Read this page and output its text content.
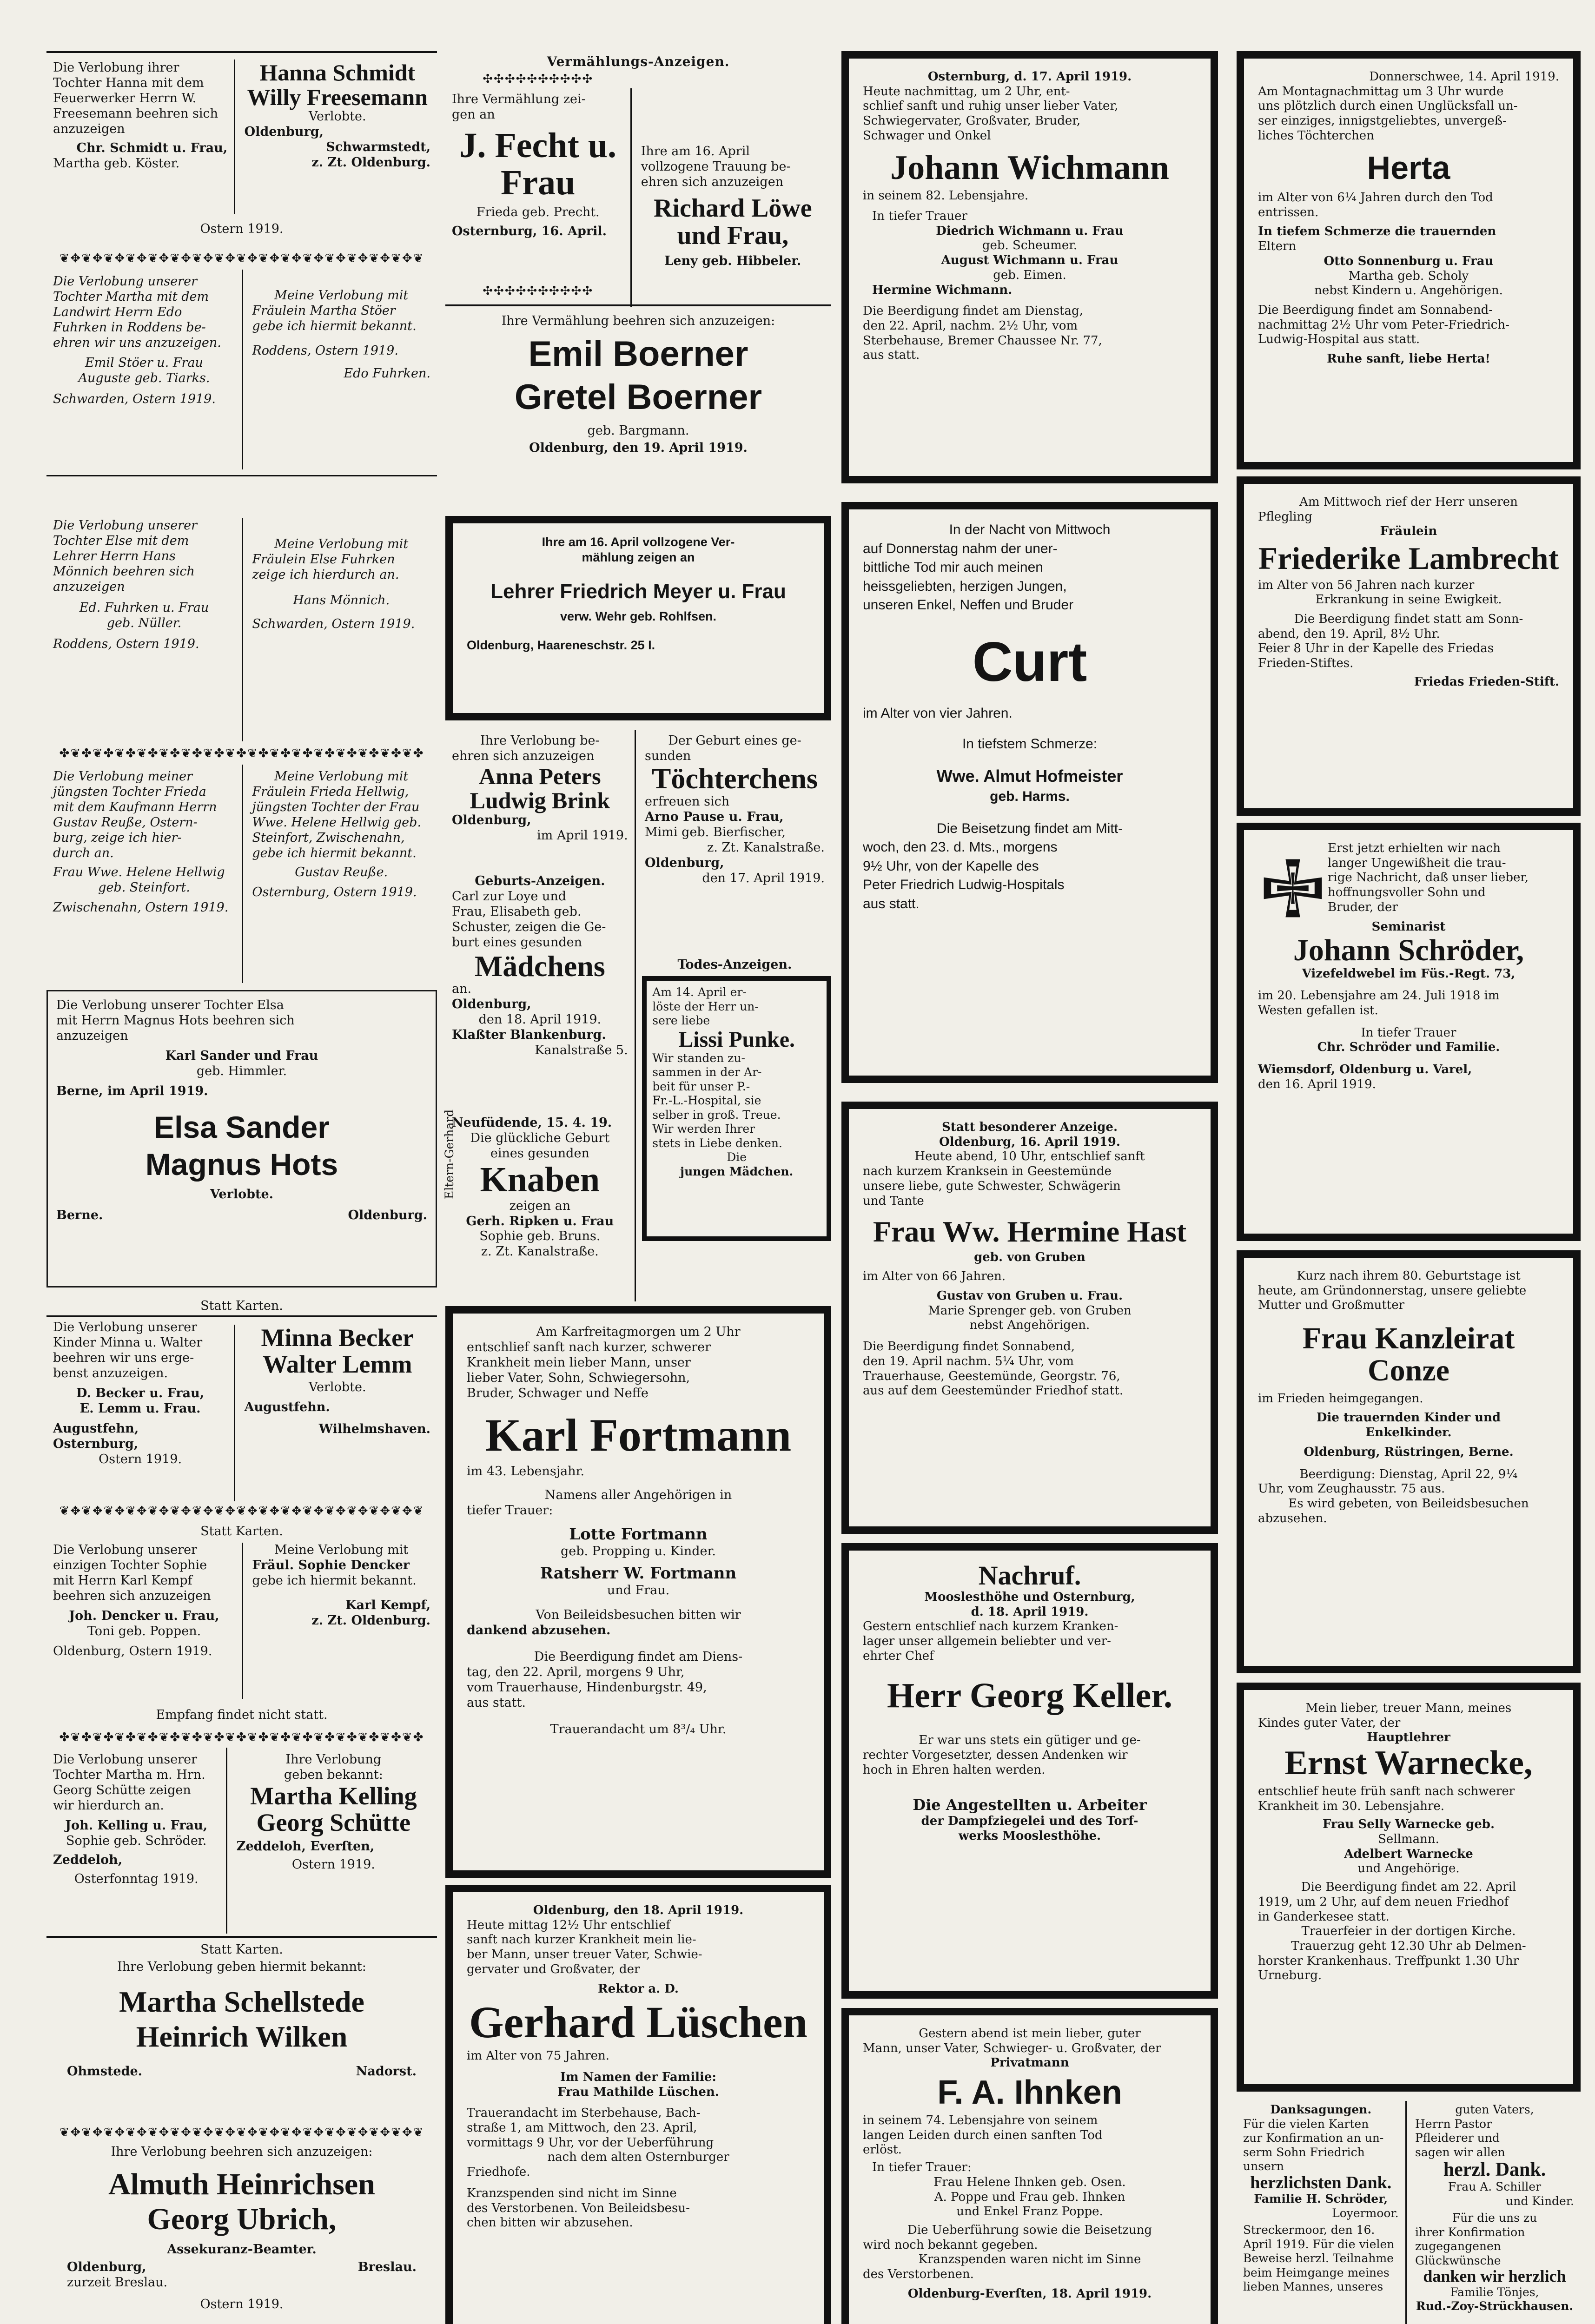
Die Verlobung ihrer

Tochter Hanna mit dem

Feuerwerker Herrn W.

Freesemann beehren sich

anzuzeigen

Chr. Schmidt u. Frau,

Martha geb. Köster.

Hanna Schmidt

Willy Freesemann

Verlobte.

Oldenburg,

Schwarmstedt,

z. Zt. Oldenburg.

Ostern 1919.

❦✥❦✥❦✥❦✥❦✥❦✥❦✥❦✥❦✥❦✥❦✥❦✥❦✥❦✥❦✥❦✥❦

Die Verlobung unserer

Tochter Martha mit dem

Landwirt Herrn Edo

Fuhrken in Roddens be-

ehren wir uns anzuzeigen.

Emil Stöer u. Frau

Auguste geb. Tiarks.

Schwarden, Ostern 1919.

Meine Verlobung mit

Fräulein Martha Stöer

gebe ich hiermit bekannt.

Roddens, Ostern 1919.

Edo Fuhrken.

Die Verlobung unserer

Tochter Else mit dem

Lehrer Herrn Hans

Mönnich beehren sich

anzuzeigen

Ed. Fuhrken u. Frau

geb. Nüller.

Roddens, Ostern 1919.

Meine Verlobung mit

Fräulein Else Fuhrken

zeige ich hierdurch an.

Hans Mönnich.

Schwarden, Ostern 1919.

✤❦✤❦✤❦✤❦✤❦✤❦✤❦✤❦✤❦✤❦✤❦✤❦✤❦✤❦✤❦✤❦✤

Die Verlobung meiner

jüngsten Tochter Frieda

mit dem Kaufmann Herrn

Gustav Reuße, Ostern-

burg, zeige ich hier-

durch an.

Frau Wwe. Helene Hellwig

geb. Steinfort.

Zwischenahn, Ostern 1919.

Meine Verlobung mit

Fräulein Frieda Hellwig,

jüngsten Tochter der Frau

Wwe. Helene Hellwig geb.

Steinfort, Zwischenahn,

gebe ich hiermit bekannt.

Gustav Reuße.

Osternburg, Ostern 1919.

Die Verlobung unserer Tochter Elsa

mit Herrn Magnus Hots beehren sich

anzuzeigen

Karl Sander und Frau

geb. Himmler.

Berne, im April 1919.

Elsa Sander

Magnus Hots

Verlobte.

Berne.	Oldenburg.

Statt Karten.

Die Verlobung unserer

Kinder Minna u. Walter

beehren wir uns erge-

benst anzuzeigen.

D. Becker u. Frau,

E. Lemm u. Frau.

Augustfehn, Osternburg,

Ostern 1919.

Minna Becker

Walter Lemm

Verlobte.

Augustfehn.

Wilhelmshaven.

❦✥❦✥❦✥❦✥❦✥❦✥❦✥❦✥❦✥❦✥❦✥❦✥❦✥❦✥❦✥❦✥❦

Statt Karten.

Die Verlobung unserer

einzigen Tochter Sophie

mit Herrn Karl Kempf

beehren sich anzuzeigen

Joh. Dencker u. Frau,

Toni geb. Poppen.

Oldenburg, Ostern 1919.

Meine Verlobung mit

Fräul. Sophie Dencker

gebe ich hiermit bekannt.

Karl Kempf,

z. Zt. Oldenburg.

Empfang findet nicht statt.

✤❦✤❦✤❦✤❦✤❦✤❦✤❦✤❦✤❦✤❦✤❦✤❦✤❦✤❦✤❦✤❦✤

Die Verlobung unserer

Tochter Martha m. Hrn.

Georg Schütte zeigen

wir hierdurch an.

Joh. Kelling u. Frau,

Sophie geb. Schröder.

Zeddeloh,

Osterfonntag 1919.

Ihre Verlobung

geben bekannt:

Martha Kelling

Georg Schütte

Zeddeloh, Everſten,

Ostern 1919.

Statt Karten.

Ihre Verlobung geben hiermit bekannt:

Martha Schellstede

Heinrich Wilken

Ohmstede.	Nadorst.
❦✥❦✥❦✥❦✥❦✥❦✥❦✥❦✥❦✥❦✥❦✥❦✥❦✥❦✥❦✥❦✥❦

Ihre Verlobung beehren sich anzuzeigen:

Almuth Heinrichsen

Georg Ubrich,

Assekuranz-Beamter.

Oldenburg,	Breslau.

zurzeit Breslau.

Ostern 1919.

Vermählungs-Anzeigen.

✣✣✣✣✣✣✣✣✣✣

Ihre Vermählung zei-

gen an

J. Fecht u. Frau

Frieda geb. Precht.

Osternburg, 16. April.

✣✣✣✣✣✣✣✣✣✣

Ihre am 16. April

vollzogene Trauung be-

ehren sich anzuzeigen

Richard Löwe

und Frau,

Leny geb. Hibbeler.

Ihre Vermählung beehren sich anzuzeigen:

Emil Boerner

Gretel Boerner

geb. Bargmann.

Oldenburg, den 19. April 1919.

Ihre am 16. April vollzogene Ver-

mählung zeigen an

Lehrer Friedrich Meyer u. Frau

verw. Wehr geb. Rohlfsen.

Oldenburg, Haareneschstr. 25 I.

Ihre Verlobung be-

ehren sich anzuzeigen

Anna Peters

Ludwig Brink

Oldenburg,

im April 1919.

Geburts-Anzeigen.

Carl zur Loye und

Frau, Elisabeth geb.

Schuster, zeigen die Ge-

burt eines gesunden

Mädchens

an.

Oldenburg,

den 18. April 1919.

Klaßter Blankenburg.

Kanalstraße 5.

Neufüdende, 15. 4. 19.

Die glückliche Geburt

eines gesunden

Knaben

zeigen an

Gerh. Ripken u. Frau

Sophie geb. Bruns.

z. Zt. Kanalstraße.

Eltern-Gerhard

Der Geburt eines ge-

sunden

Töchterchens

erfreuen sich

Arno Pause u. Frau,

Mimi geb. Bierfischer,

z. Zt. Kanalstraße.

Oldenburg,

den 17. April 1919.

Todes-Anzeigen.

Am 14. April er-

löste der Herr un-

sere liebe

Lissi Punke.

Wir standen zu-

sammen in der Ar-

beit für unser P.-

Fr.-L.-Hospital, sie

selber in groß. Treue.

Wir werden Ihrer

stets in Liebe denken.

Die

jungen Mädchen.

Am Karfreitagmorgen um 2 Uhr

entschlief sanft nach kurzer, schwerer

Krankheit mein lieber Mann, unser

lieber Vater, Sohn, Schwiegersohn,

Bruder, Schwager und Neffe

Karl Fortmann

im 43. Lebensjahr.

Namens aller Angehörigen in

tiefer Trauer:

Lotte Fortmann

geb. Propping u. Kinder.

Ratsherr W. Fortmann

und Frau.

Von Beileidsbesuchen bitten wir

dankend abzusehen.

Die Beerdigung findet am Diens-

tag, den 22. April, morgens 9 Uhr,

vom Trauerhause, Hindenburgstr. 49,

aus statt.

Trauerandacht um 8³/₄ Uhr.

Oldenburg, den 18. April 1919.

Heute mittag 12½ Uhr entschlief

sanft nach kurzer Krankheit mein lie-

ber Mann, unser treuer Vater, Schwie-

gervater und Großvater, der

Rektor a. D.

Gerhard Lüschen

im Alter von 75 Jahren.

Im Namen der Familie:

Frau Mathilde Lüschen.

Trauerandacht im Sterbehause, Bach-

straße 1, am Mittwoch, den 23. April,

vormittags 9 Uhr, vor der Ueberführung

nach dem alten Osternburger

Friedhofe.

Kranzspenden sind nicht im Sinne

des Verstorbenen. Von Beileidsbesu-

chen bitten wir abzusehen.

Osternburg, d. 17. April 1919.

Heute nachmittag, um 2 Uhr, ent-

schlief sanft und ruhig unser lieber Vater,

Schwiegervater, Großvater, Bruder,

Schwager und Onkel

Johann Wichmann

in seinem 82. Lebensjahre.

In tiefer Trauer

Diedrich Wichmann u. Frau

geb. Scheumer.

August Wichmann u. Frau

geb. Eimen.

Hermine Wichmann.

Die Beerdigung findet am Dienstag,

den 22. April, nachm. 2½ Uhr, vom

Sterbehause, Bremer Chaussee Nr. 77,

aus statt.

In der Nacht von Mittwoch

auf Donnerstag nahm der uner-

bittliche Tod mir auch meinen

heissgeliebten, herzigen Jungen,

unseren Enkel, Neffen und Bruder

Curt

im Alter von vier Jahren.

In tiefstem Schmerze:

Wwe. Almut Hofmeister

geb. Harms.

Die Beisetzung findet am Mitt-

woch, den 23. d. Mts., morgens

9½ Uhr, von der Kapelle des

Peter Friedrich Ludwig-Hospitals

aus statt.

Statt besonderer Anzeige.

Oldenburg, 16. April 1919.

Heute abend, 10 Uhr, entschlief sanft

nach kurzem Kranksein in Geestemünde

unsere liebe, gute Schwester, Schwägerin

und Tante

Frau Ww. Hermine Hast

geb. von Gruben

im Alter von 66 Jahren.

Gustav von Gruben u. Frau.

Marie Sprenger geb. von Gruben

nebst Angehörigen.

Die Beerdigung findet Sonnabend,

den 19. April nachm. 5¼ Uhr, vom

Trauerhause, Geestemünde, Georgstr. 76,

aus auf dem Geestemünder Friedhof statt.

Nachruf.

Mooslesthöhe und Osternburg,

d. 18. April 1919.

Gestern entschlief nach kurzem Kranken-

lager unser allgemein beliebter und ver-

ehrter Chef

Herr Georg Keller.

Er war uns stets ein gütiger und ge-

rechter Vorgesetzter, dessen Andenken wir

hoch in Ehren halten werden.

Die Angestellten u. Arbeiter

der Dampfziegelei und des Torf-

werks Mooslesthöhe.

Gestern abend ist mein lieber, guter

Mann, unser Vater, Schwieger- u. Großvater, der

Privatmann

F. A. Ihnken

in seinem 74. Lebensjahre von seinem

langen Leiden durch einen sanften Tod

erlöst.

In tiefer Trauer:

Frau Helene Ihnken geb. Osen.

A. Poppe und Frau geb. Ihnken

und Enkel Franz Poppe.

Die Ueberführung sowie die Beisetzung

wird noch bekannt gegeben.

Kranzspenden waren nicht im Sinne

des Verstorbenen.

Oldenburg-Everſten, 18. April 1919.

Donnerschwee, 14. April 1919.

Am Montagnachmittag um 3 Uhr wurde

uns plötzlich durch einen Unglücksfall un-

ser einziges, innigstgeliebtes, unvergeß-

liches Töchterchen

Herta

im Alter von 6¼ Jahren durch den Tod

entrissen.

In tiefem Schmerze die trauernden

Eltern

Otto Sonnenburg u. Frau

Martha geb. Scholy

nebst Kindern u. Angehörigen.

Die Beerdigung findet am Sonnabend-

nachmittag 2½ Uhr vom Peter-Friedrich-

Ludwig-Hospital aus statt.

Ruhe sanft, liebe Herta!

Am Mittwoch rief der Herr unseren

Pflegling

Fräulein

Friederike Lambrecht

im Alter von 56 Jahren nach kurzer

Erkrankung in seine Ewigkeit.

Die Beerdigung findet statt am Sonn-

abend, den 19. April, 8½ Uhr.

Feier 8 Uhr in der Kapelle des Friedas

Frieden-Stiftes.

Friedas Frieden-Stift.

Erst jetzt erhielten wir nach

langer Ungewißheit die trau-

rige Nachricht, daß unser lieber,

hoffnungsvoller Sohn und

Bruder, der

Seminarist

Johann Schröder,

Vizefeldwebel im Füs.-Regt. 73,

im 20. Lebensjahre am 24. Juli 1918 im

Westen gefallen ist.

In tiefer Trauer

Chr. Schröder und Familie.

Wiemsdorf, Oldenburg u. Varel,

den 16. April 1919.

Kurz nach ihrem 80. Geburtstage ist

heute, am Gründonnerstag, unsere geliebte

Mutter und Großmutter

Frau Kanzleirat Conze

im Frieden heimgegangen.

Die trauernden Kinder und

Enkelkinder.

Oldenburg, Rüstringen, Berne.

Beerdigung: Dienstag, April 22, 9¼

Uhr, vom Zeughausstr. 75 aus.

Es wird gebeten, von Beileidsbesuchen

abzusehen.

Mein lieber, treuer Mann, meines

Kindes guter Vater, der

Hauptlehrer

Ernst Warnecke,

entschlief heute früh sanft nach schwerer

Krankheit im 30. Lebensjahre.

Frau Selly Warnecke geb.

Sellmann.

Adelbert Warnecke

und Angehörige.

Die Beerdigung findet am 22. April

1919, um 2 Uhr, auf dem neuen Friedhof

in Ganderkesee statt.

Trauerfeier in der dortigen Kirche.

Trauerzug geht 12.30 Uhr ab Delmen-

horster Krankenhaus. Treffpunkt 1.30 Uhr

Urneburg.

Danksagungen.

Für die vielen Karten

zur Konfirmation an un-

serm Sohn Friedrich

unsern

herzlichsten Dank.

Familie H. Schröder,

Loyermoor.

Streckermoor, den 16.

April 1919. Für die vielen

Beweise herzl. Teilnahme

beim Heimgange meines

lieben Mannes, unseres

guten Vaters,

Herrn Pastor

Pfleiderer und

sagen wir allen

herzl. Dank.

Frau A. Schiller

und Kinder.

Für die uns zu

ihrer Konfirmation

zugegangenen Glückwünsche

danken wir herzlich

Familie Tönjes,

Rud.-Zoy-Strückhausen.
